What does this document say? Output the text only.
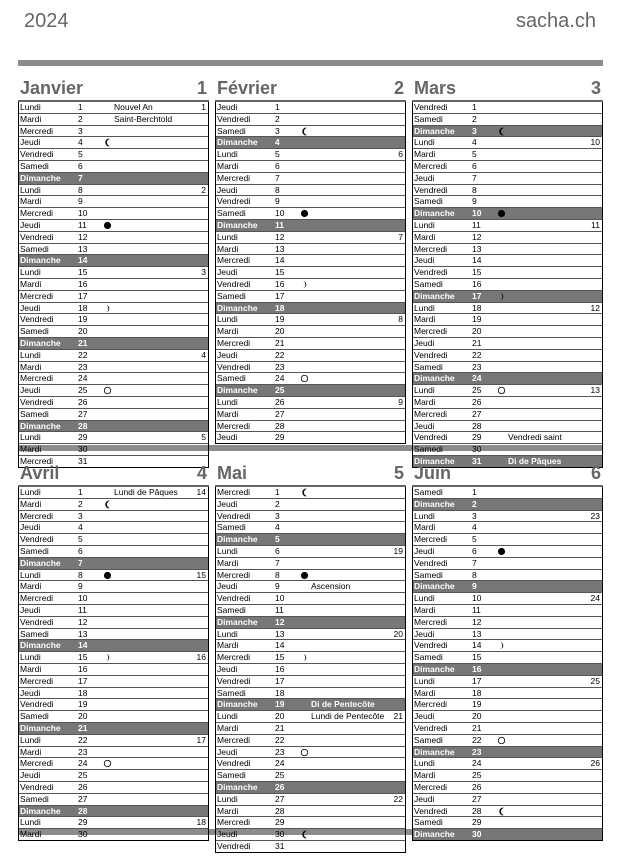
2024	sacha.ch
Janvier	1
Lundi	1	Nouvel An	1
Mardi	2	Saint-Berchtold
Mercredi	3
Jeudi	4
Vendredi	5
Samedi	6
Dimanche 7
Lundi	8	2
Mardi	9
Mercredi	10
Jeudi	11
Vendredi	12
Samedi	13
Dimanche 14
Lundi	15	3
Mardi	16
Mercredi	17
Jeudi	18
Vendredi	19
Samedi	20
Dimanche 21
Lundi	22	4
Mardi	23
Mercredi	24
Jeudi	25
Vendredi	26
Samedi	27
Dimanche 28
Lundi	29	5
Mardi	30
Mercredi	31
Février	2
Jeudi	1
Vendredi	2
Samedi	3
Dimanche 4
Lundi	5	6
Mardi	6
Mercredi	7
Jeudi	8
Vendredi	9
Samedi	10
Dimanche 11
Lundi	12	7
Mardi	13
Mercredi	14
Jeudi	15
Vendredi	16
Samedi	17
Dimanche 18
Lundi	19	8
Mardi	20
Mercredi	21
Jeudi	22
Vendredi	23
Samedi	24
Dimanche 25
Lundi	26	9
Mardi	27
Mercredi	28
Jeudi	29
Mars	3
Vendredi	1
Samedi	2
Dimanche 3
Lundi	4	10
Mardi	5
Mercredi	6
Jeudi	7
Vendredi	8
Samedi	9
Dimanche 10
Lundi	11	11
Mardi	12
Mercredi	13
Jeudi	14
Vendredi	15
Samedi	16
Dimanche 17
Lundi	18	12
Mardi	19
Mercredi	20
Jeudi	21
Vendredi	22
Samedi	23
Dimanche 24
Lundi	25	13
Mardi	26
Mercredi	27
Jeudi	28
Vendredi	29	Vendredi saint
Samedi	30
Dimanche 31	Di de Pâques
Avril	4
Lundi	1	Lundi de Pâques 14
Mardi	2
Mercredi	3
Jeudi	4
Vendredi	5
Samedi	6
Dimanche 7
Lundi	8	15
Mardi	9
Mercredi	10
Jeudi	11
Vendredi	12
Samedi	13
Dimanche 14
Lundi	15	16
Mardi	16
Mercredi	17
Jeudi	18
Vendredi	19
Samedi	20
Dimanche 21
Lundi	22	17
Mardi	23
Mercredi	24
Jeudi	25
Vendredi	26
Samedi	27
Dimanche 28
Lundi	29	18
Mardi	30
Mai	5
Mercredi	1
Jeudi	2
Vendredi	3
Samedi	4
Dimanche 5
Lundi	6	19
Mardi	7
Mercredi	8
Jeudi	9	Ascension
Vendredi	10
Samedi	11
Dimanche 12
Lundi	13	20
Mardi	14
Mercredi	15
Jeudi	16
Vendredi	17
Samedi	18
Dimanche 19	Di de Pentecôte
Lundi	20	Lundi de Pentecôte 21
Mardi	21
Mercredi	22
Jeudi	23
Vendredi	24
Samedi	25
Dimanche 26
Lundi	27	22
Mardi	28
Mercredi	29
Jeudi	30
Vendredi	31
Juin	6
Samedi	1
Dimanche 2
Lundi	3	23
Mardi	4
Mercredi	5
Jeudi	6
Vendredi	7
Samedi	8
Dimanche 9
Lundi	10	24
Mardi	11
Mercredi	12
Jeudi	13
Vendredi	14
Samedi	15
Dimanche 16
Lundi	17	25
Mardi	18
Mercredi	19
Jeudi	20
Vendredi	21
Samedi	22
Dimanche 23
Lundi	24	26
Mardi	25
Mercredi	26
Jeudi	27
Vendredi	28
Samedi	29
Dimanche 30
